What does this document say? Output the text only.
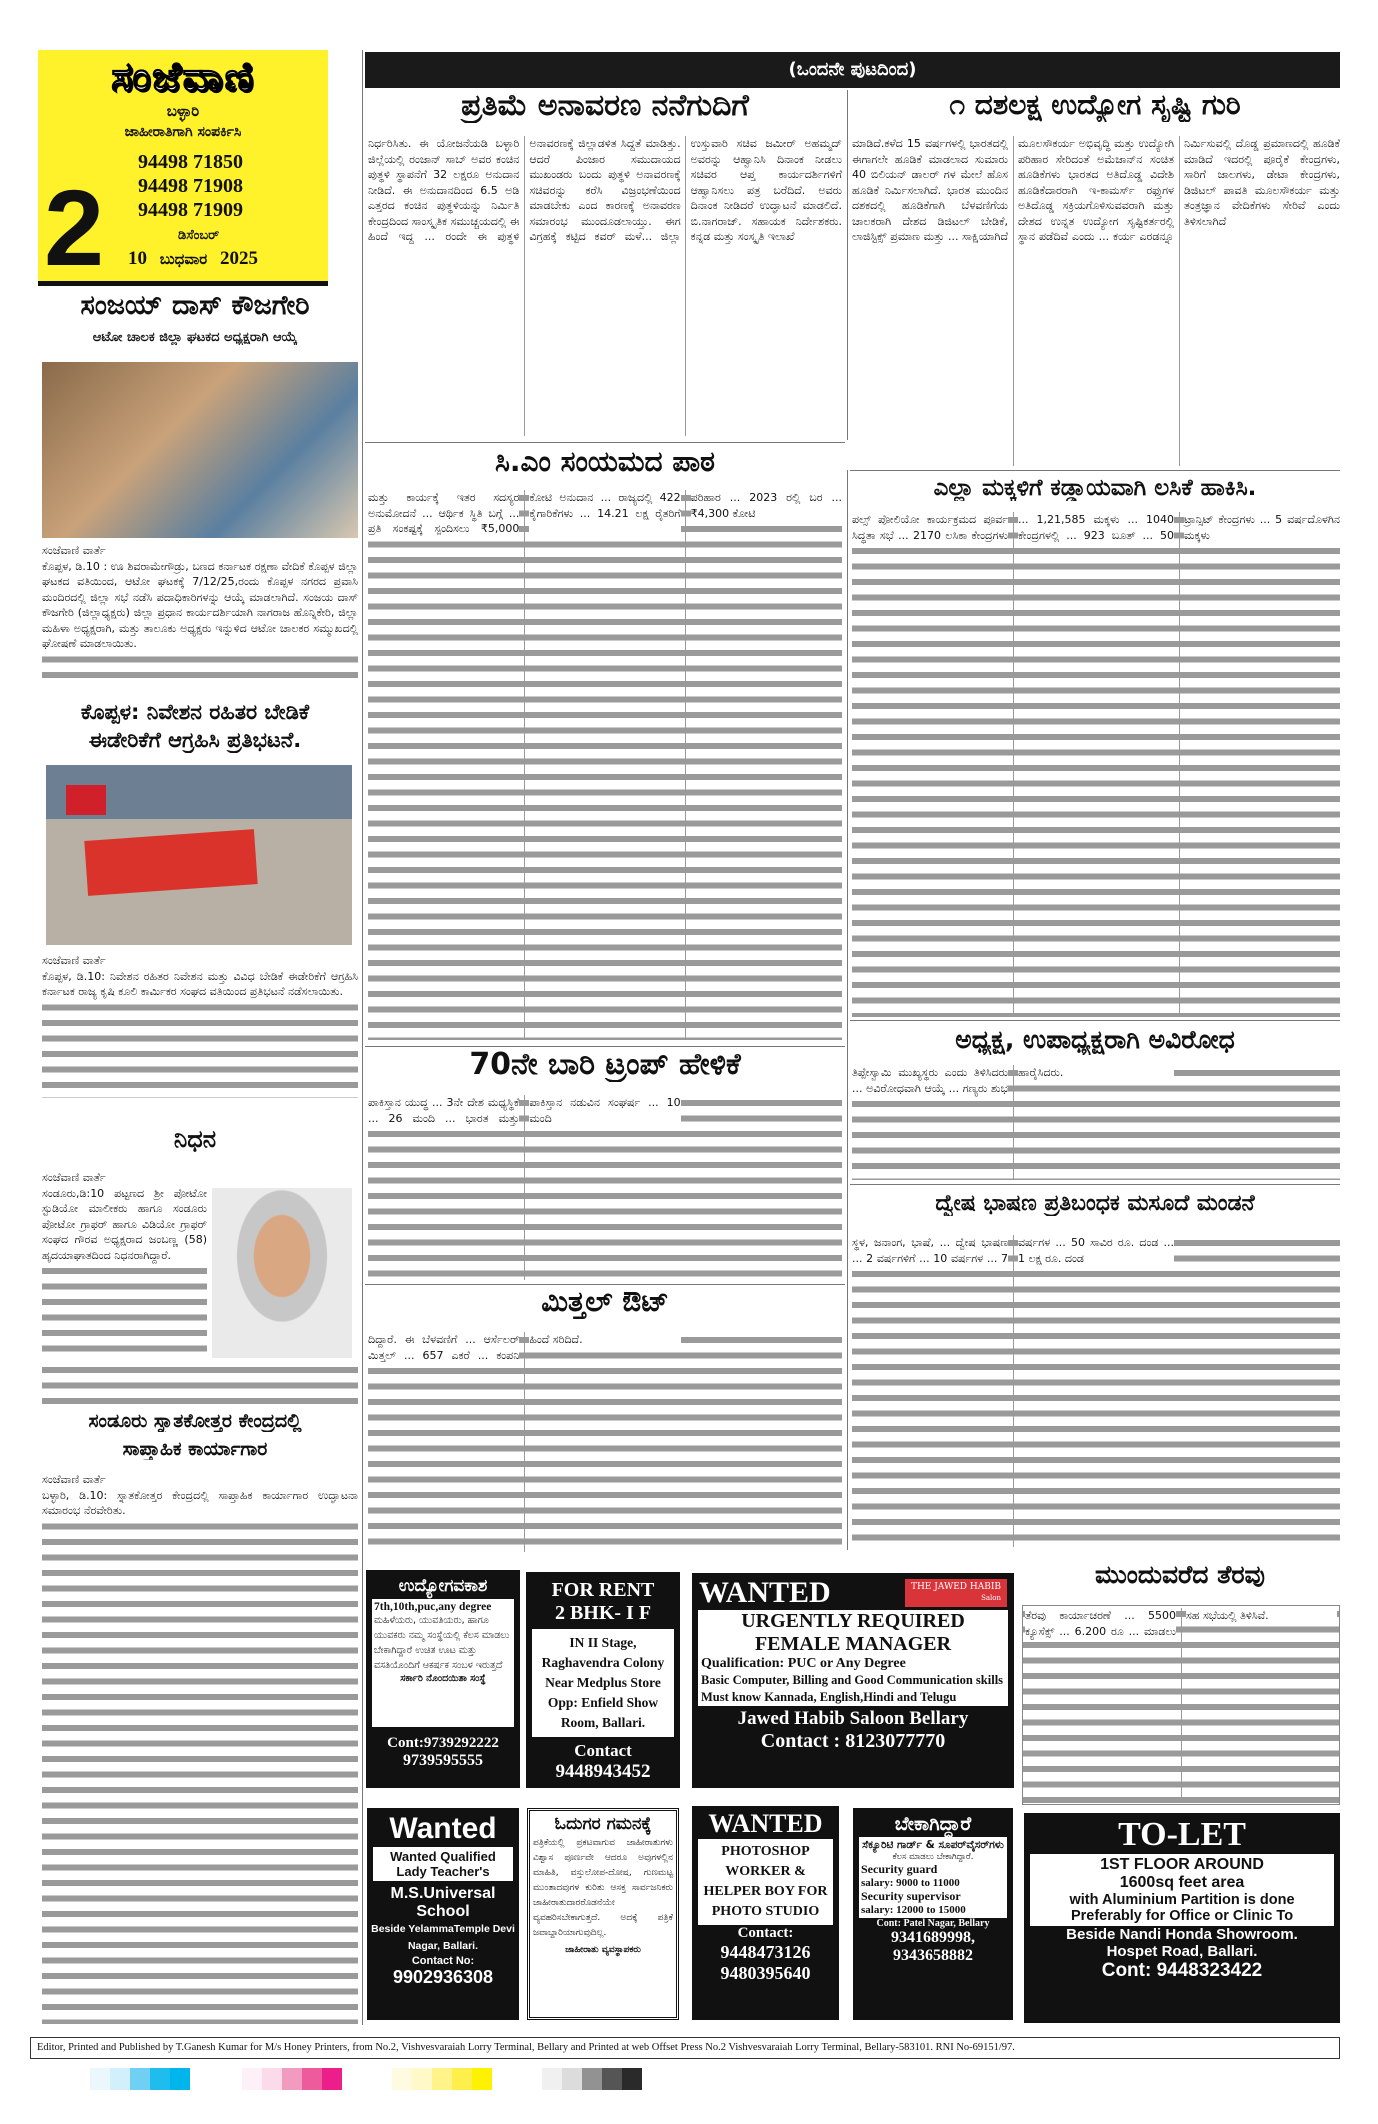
ಸಂಜೆವಾಣಿ
ಬಳ್ಳಾರಿ
ಜಾಹೀರಾತಿಗಾಗಿ ಸಂಪರ್ಕಿಸಿ
94498 71850
94498 71908
94498 71909
2	ಡಿಸೆಂಬರ್
10 ಬುಧವಾರ 2025
ಸಂಜಯ್ ದಾಸ್ ಕೌಜಗೇರಿ
ಆಟೋ ಚಾಲಕ ಜಿಲ್ಲಾ ಘಟಕದ ಅಧ್ಯಕ್ಷರಾಗಿ ಆಯ್ಕೆ
ಸಂಜೆವಾಣಿ ವಾರ್ತೆ
ಕೊಪ್ಪಳ, ಡಿ.10 : ಊ ಶಿವರಾಮೇಗೌಡ್ರು, ಬಣದ ಕರ್ನಾಟಕ ರಕ್ಷಣಾ ವೇದಿಕೆ ಕೊಪ್ಪಳ ಜಿಲ್ಲಾ ಘಟಕದ ವತಿಯಿಂದ, ಆಟೋ ಘಟಕಕ್ಕೆ 7/12/25,ರಂದು ಕೊಪ್ಪಳ ನಗರದ ಪ್ರವಾಸಿ ಮಂದಿರದಲ್ಲಿ ಜಿಲ್ಲಾ ಸಭೆ ನಡೆಸಿ ಪದಾಧಿಕಾರಿಗಳನ್ನು ಆಯ್ಕೆ ಮಾಡಲಾಗಿದೆ. ಸಂಜಯ ದಾಸ್ ಕೌಜಗೇರಿ (ಜಿಲ್ಲಾಧ್ಯಕ್ಷರು) ಜಿಲ್ಲಾ ಪ್ರಧಾನ ಕಾರ್ಯದರ್ಶಿಯಾಗಿ ನಾಗರಾಜ ಹೊನ್ನಿಕೇರಿ, ಜಿಲ್ಲಾ ಮಹಿಳಾ ಅಧ್ಯಕ್ಷರಾಗಿ, ಮತ್ತು ತಾಲೂಕು ಅಧ್ಯಕ್ಷರು ಇನ್ನುಳಿದ ಆಟೋ ಚಾಲಕರ ಸಮ್ಮುಖದಲ್ಲಿ ಘೋಷಣೆ ಮಾಡಲಾಯಿತು.
ಕೊಪ್ಪಳ: ನಿವೇಶನ ರಹಿತರ ಬೇಡಿಕೆ
ಈಡೇರಿಕೆಗೆ ಆಗ್ರಹಿಸಿ ಪ್ರತಿಭಟನೆ.
ಸಂಜೆವಾಣಿ ವಾರ್ತೆ
ಕೊಪ್ಪಳ, ಡಿ.10: ನಿವೇಶನ ರಹಿತರ ನಿವೇಶನ ಮತ್ತು ವಿವಿಧ ಬೇಡಿಕೆ ಈಡೇರಿಕೆಗೆ ಆಗ್ರಹಿಸಿ ಕರ್ನಾಟಕ ರಾಜ್ಯ ಕೃಷಿ ಕೂಲಿ ಕಾರ್ಮಿಕರ ಸಂಘದ ವತಿಯಿಂದ ಪ್ರತಿಭಟನೆ ನಡೆಸಲಾಯಿತು.
ನಿಧನ
ಸಂಜೆವಾಣಿ ವಾರ್ತೆ
ಸಂಡೂರು,ಡಿ:10 ಪಟ್ಟಣದ ಶ್ರೀ ಪೋಟೋ ಸ್ಟುಡಿಯೋ ಮಾಲೀಕರು ಹಾಗೂ ಸಂಡೂರು ಪೋಟೋ ಗ್ರಾಫರ್ ಹಾಗೂ ವಿಡಿಯೋ ಗ್ರಾಫರ್ ಸಂಘದ ಗೌರವ ಅಧ್ಯಕ್ಷರಾದ ಜಂಬಣ್ಣ (58) ಹೃದಯಾಘಾತದಿಂದ ನಿಧನರಾಗಿದ್ದಾರೆ.
ಸಂಡೂರು ಸ್ನಾತಕೋತ್ತರ ಕೇಂದ್ರದಲ್ಲಿ
ಸಾಪ್ತಾಹಿಕ ಕಾರ್ಯಾಗಾರ
ಸಂಜೆವಾಣಿ ವಾರ್ತೆ
ಬಳ್ಳಾರಿ, ಡಿ.10: ಸ್ನಾತಕೋತ್ತರ ಕೇಂದ್ರದಲ್ಲಿ ಸಾಪ್ತಾಹಿಕ ಕಾರ್ಯಾಗಾರ ಉದ್ಘಾಟನಾ ಸಮಾರಂಭ ನೆರವೇರಿತು.
(ಒಂದನೇ ಪುಟದಿಂದ)
ಪ್ರತಿಮೆ ಅನಾವರಣ ನನೆಗುದಿಗೆ	೧ ದಶಲಕ್ಷ ಉದ್ಯೋಗ ಸೃಷ್ಟಿ ಗುರಿ
ನಿರ್ಧರಿಸಿತು. ಈ ಯೋಜನೆಯಡಿ ಬಳ್ಳಾರಿ ಜಿಲ್ಲೆಯಲ್ಲಿ ರಂಜಾನ್ ಸಾಬ್ ಅವರ ಕಂಚಿನ ಪುತ್ಥಳಿ ಸ್ಥಾಪನೆಗೆ 32 ಲಕ್ಷರೂ ಅನುದಾನ ನೀಡಿದೆ. ಈ ಅನುದಾನದಿಂದ 6.5 ಅಡಿ ಎತ್ತರದ ಕಂಚಿನ ಪುತ್ಥಳಿಯನ್ನು ನಿರ್ಮಿತಿ ಕೇಂದ್ರದಿಂದ ಸಾಂಸ್ಕೃತಿಕ ಸಮುಚ್ಚಯದಲ್ಲಿ ಈ ಹಿಂದೆ ಇದ್ದ ... ರಂದೇ ಈ ಪುತ್ಥಳಿ ಅನಾವರಣಕ್ಕೆ ಜಿಲ್ಲಾಡಳಿತ ಸಿದ್ದತೆ ಮಾಡಿತ್ತು. ಆದರೆ ಪಿಂಜಾರ ಸಮುದಾಯದ ಮುಖಂಡರು ಬಂದು ಪುತ್ಥಳಿ ಅನಾವರಣಕ್ಕೆ ಸಚಿವರನ್ನು ಕರೆಸಿ ವಿಜ್ರಂಭಣೆಯಿಂದ ಮಾಡಬೇಕು ಎಂದ ಕಾರಣಕ್ಕೆ ಅನಾವರಣ ಸಮಾರಂಭ ಮುಂದೂಡಲಾಯ್ತು. ಈಗ ವಿಗ್ರಹಕ್ಕೆ ಕಟ್ಟಿದ ಕವರ್ ಮಳೆ... ಜಿಲ್ಲಾ ಉಸ್ತುವಾರಿ ಸಚಿವ ಜಮೀರ್ ಅಹಮ್ಮದ್ ಅವರನ್ನು ಆಹ್ವಾನಿಸಿ ದಿನಾಂಕ ನೀಡಲು ಸಚಿವರ ಆಪ್ತ ಕಾರ್ಯದರ್ಶಿಗಳಿಗೆ ಆಹ್ವಾನಿಸಲು ಪತ್ರ ಬರೆದಿದೆ. ಅವರು ದಿನಾಂಕ ನೀಡಿದರೆ ಉದ್ಘಾಟನೆ ಮಾಡಲಿದೆ. ಬಿ.ನಾಗರಾಜ್. ಸಹಾಯಕ ನಿರ್ದೇಶಕರು. ಕನ್ನಡ ಮತ್ತು ಸಂಸ್ಕೃತಿ ಇಲಾಖೆ
ಮಾಡಿದೆ.ಕಳೆದ 15 ವರ್ಷಗಳಲ್ಲಿ ಭಾರತದಲ್ಲಿ ಈಗಾಗಲೇ ಹೂಡಿಕೆ ಮಾಡಲಾದ ಸುಮಾರು 40 ಬಿಲಿಯನ್ ಡಾಲರ್ ಗಳ ಮೇಲೆ ಹೊಸ ಹೂಡಿಕೆ ನಿರ್ಮಿಸಲಾಗಿದೆ. ಭಾರತ ಮುಂದಿನ ದಶಕದಲ್ಲಿ ಹೂಡಿಕೆಗಾಗಿ ಬೆಳವಣಿಗೆಯ ಚಾಲಕರಾಗಿ ದೇಶದ ಡಿಜಿಟಲ್ ಬೇಡಿಕೆ, ಲಾಜಿಸ್ಟಿಕ್ಸ್ ಪ್ರಮಾಣ ಮತ್ತು ... ಸಾಕ್ಷಿಯಾಗಿದೆ ಮೂಲಸೌಕರ್ಯ ಅಭಿವೃದ್ಧಿ ಮತ್ತು ಉದ್ಯೋಗಿ ಪರಿಹಾರ ಸೇರಿದಂತೆ ಅಮೆಜಾನ್‌ನ ಸಂಚಿತ ಹೂಡಿಕೆಗಳು ಭಾರತದ ಅತಿದೊಡ್ಡ ವಿದೇಶಿ ಹೂಡಿಕೆದಾರರಾಗಿ ಇ-ಕಾಮರ್ಸ್ ರಫ್ತುಗಳ ಅತಿದೊಡ್ಡ ಸಕ್ರಿಯಗೊಳಿಸುವವರಾಗಿ ಮತ್ತು ದೇಶದ ಉನ್ನತ ಉದ್ಯೋಗ ಸೃಷ್ಟಿಕರ್ತರಲ್ಲಿ ಸ್ಥಾನ ಪಡೆದಿವೆ ಎಂದು ... ಕರ್ಯ ಎರಡನ್ನೂ ನಿರ್ಮಿಸುವಲ್ಲಿ ದೊಡ್ಡ ಪ್ರಮಾಣದಲ್ಲಿ ಹೂಡಿಕೆ ಮಾಡಿದೆ ಇದರಲ್ಲಿ ಪೂರೈಕೆ ಕೇಂದ್ರಗಳು, ಸಾರಿಗೆ ಜಾಲಗಳು, ಡೇಟಾ ಕೇಂದ್ರಗಳು, ಡಿಜಿಟಲ್ ಪಾವತಿ ಮೂಲಸೌಕರ್ಯ ಮತ್ತು ತಂತ್ರಜ್ಞಾನ ವೇದಿಕೆಗಳು ಸೇರಿವೆ ಎಂದು ತಿಳಿಸಲಾಗಿದೆ
ಸಿ.ಎಂ ಸಂಯಮದ ಪಾಠ
ಮತ್ತು ಕಾರ್ಯಕ್ಕೆ ಇತರ ಸದಸ್ಯರ ಅನುಮೋದನೆ ... ಆರ್ಥಿಕ ಸ್ಥಿತಿ ಬಗ್ಗೆ ... ಪ್ರತಿ ಸಂಕಷ್ಟಕ್ಕೆ ಸ್ಪಂದಿಸಲು ₹5,000 ಕೋಟಿ ಅನುದಾನ ... ರಾಜ್ಯದಲ್ಲಿ 422 ಕೈಗಾರಿಕೆಗಳು ... 14.21 ಲಕ್ಷ ರೈತರಿಗೆ ಪರಿಹಾರ ... 2023 ರಲ್ಲಿ ಬರ ... ₹4,300 ಕೋಟಿ
ಎಲ್ಲಾ ಮಕ್ಕಳಿಗೆ ಕಡ್ಡಾಯವಾಗಿ ಲಸಿಕೆ ಹಾಕಿಸಿ.
ಪಲ್ಸ್ ಪೋಲಿಯೋ ಕಾರ್ಯಕ್ರಮದ ಪೂರ್ವ ಸಿದ್ಧತಾ ಸಭೆ ... 2170 ಲಸಿಕಾ ಕೇಂದ್ರಗಳು ... 1,21,585 ಮಕ್ಕಳು ... 1040 ಕೇಂದ್ರಗಳಲ್ಲಿ ... 923 ಬೂತ್ ... 50 ಟ್ರಾನ್ಸಿಟ್ ಕೇಂದ್ರಗಳು ... 5 ವರ್ಷದೊಳಗಿನ ಮಕ್ಕಳು
70ನೇ ಬಾರಿ ಟ್ರಂಪ್ ಹೇಳಿಕೆ
ಪಾಕಿಸ್ತಾನ ಯುದ್ಧ ... 3ನೇ ದೇಶ ಮಧ್ಯಸ್ಥಿಕೆ ... 26 ಮಂದಿ ... ಭಾರತ ಮತ್ತು ಪಾಕಿಸ್ತಾನ ನಡುವಿನ ಸಂಘರ್ಷ ... 10 ಮಂದಿ
ಅಧ್ಯಕ್ಷ, ಉಪಾಧ್ಯಕ್ಷರಾಗಿ ಅವಿರೋಧ
ತಿಪ್ಪೇಸ್ವಾಮಿ ಮುಖ್ಯಸ್ಥರು ಎಂದು ತಿಳಿಸಿದರು ... ಅವಿರೋಧವಾಗಿ ಆಯ್ಕೆ ... ಗಣ್ಯರು ಶುಭ ಹಾರೈಸಿದರು.
ದ್ವೇಷ ಭಾಷಣ ಪ್ರತಿಬಂಧಕ ಮಸೂದೆ ಮಂಡನೆ
ಸ್ಥಳ, ಜನಾಂಗ, ಭಾಷೆ, ... ದ್ವೇಷ ಭಾಷಣ ... 2 ವರ್ಷಗಳಿಗೆ ... 10 ವರ್ಷಗಳ ... 7 ವರ್ಷಗಳ ... 50 ಸಾವಿರ ರೂ. ದಂಡ ... 1 ಲಕ್ಷ ರೂ. ದಂಡ
ಮಿತ್ತಲ್ ಔಟ್
ದಿದ್ದಾರೆ. ಈ ಬೆಳವಣಿಗೆ ... ಆರ್ಸೆಲರ್ ಮಿತ್ತಲ್ ... 657 ಎಕರೆ ... ಕಂಪನಿ ಹಿಂದೆ ಸರಿದಿದೆ.
ಉದ್ಯೋಗವಕಾಶ
7th,10th,puc,any degree
ಮಹಿಳೆಯರು, ಯುವತಿಯರು, ಹಾಗೂ ಯುವಕರು ನಮ್ಮ ಸಂಸ್ಥೆಯಲ್ಲಿ ಕೆಲಸ ಮಾಡಲು ಬೇಕಾಗಿದ್ದಾರೆ ಉಚಿತ ಊಟ ಮತ್ತು ವಸತಿಯೊಂದಿಗೆ ಆಕರ್ಷಕ ಸಂಬಳ ಇರುತ್ತದೆ
ಸರ್ಕಾರಿ ನೊಂದಯಿತಾ ಸಂಸ್ಥೆ
Cont:9739292222
9739595555
FOR RENT
2 BHK- I F
IN II Stage, Raghavendra Colony Near Medplus Store Opp: Enfield Show Room, Ballari.
Contact
9448943452
WANTED	THE JAWED HABIB
Salon
URGENTLY REQUIRED
FEMALE MANAGER
Qualification: PUC or Any Degree
Basic Computer, Billing and Good Communication skills Must know Kannada, English,Hindi and Telugu
Jawed Habib Saloon Bellary
Contact : 8123077770
ಮುಂದುವರೆದ ತೆರವು
ತೆರವು ಕಾರ್ಯಾಚರಣೆ ... 5500 ಕ್ಯೂಸೆಕ್ಸ್ ... 6.200 ರೂ ... ಮಾಡಲು ಸಹ ಸಭೆಯಲ್ಲಿ ತಿಳಿಸಿವೆ.
Wanted
Wanted Qualified Lady Teacher's
M.S.Universal School
Beside YelammaTemple Devi Nagar, Ballari.
Contact No:
9902936308
ಓದುಗರ ಗಮನಕ್ಕೆ
ಪತ್ರಿಕೆಯಲ್ಲಿ ಪ್ರಕಟವಾಗುವ ಜಾಹೀರಾತುಗಳು ವಿಶ್ವಾಸ ಪೂರ್ಣವೇ ಆದರೂ ಅವುಗಳಲ್ಲಿನ ಮಾಹಿತಿ, ವಸ್ತುಲೋಪ-ದೋಷ, ಗುಣಮಟ್ಟ ಮುಂತಾದವುಗಳ ಕುರಿತು ಆಸಕ್ತ ಸಾರ್ವಜನಿಕರು ಜಾಹೀರಾತುದಾರರೊಡನೆಯೇ ವ್ಯವಹರಿಸಬೇಕಾಗುತ್ತದೆ. ಅದಕ್ಕೆ ಪತ್ರಿಕೆ ಜವಾಬ್ದಾರಿಯಾಗುವುದಿಲ್ಲ.
ಜಾಹೀರಾತು ವ್ಯವಸ್ಥಾಪಕರು
WANTED
PHOTOSHOP WORKER & HELPER BOY FOR PHOTO STUDIO
Contact:
9448473126
9480395640
ಬೇಕಾಗಿದ್ದಾರೆ
ಸೆಕ್ಯೂರಿಟಿ ಗಾರ್ಡ್ & ಸೂಪರ್‌ವೈಸರ್‌ಗಳು
ಕೆಲಸ ಮಾಡಲು ಬೇಕಾಗಿದ್ದಾರೆ.
Security guard
salary: 9000 to 11000
Security supervisor
salary: 12000 to 15000
Cont: Patel Nagar, Bellary
9341689998,
9343658882
TO-LET
1ST FLOOR AROUND
1600sq feet area
with Aluminium Partition is done
Preferably for Office or Clinic To
Beside Nandi Honda Showroom.
Hospet Road, Ballari.
Cont: 9448323422
Editor, Printed and Published by T.Ganesh Kumar for M/s Honey Printers, from No.2, Vishvesvaraiah Lorry Terminal, Bellary and Printed at web Offset Press No.2 Vishvesvaraiah Lorry Terminal, Bellary-583101. RNI No-69151/97.
